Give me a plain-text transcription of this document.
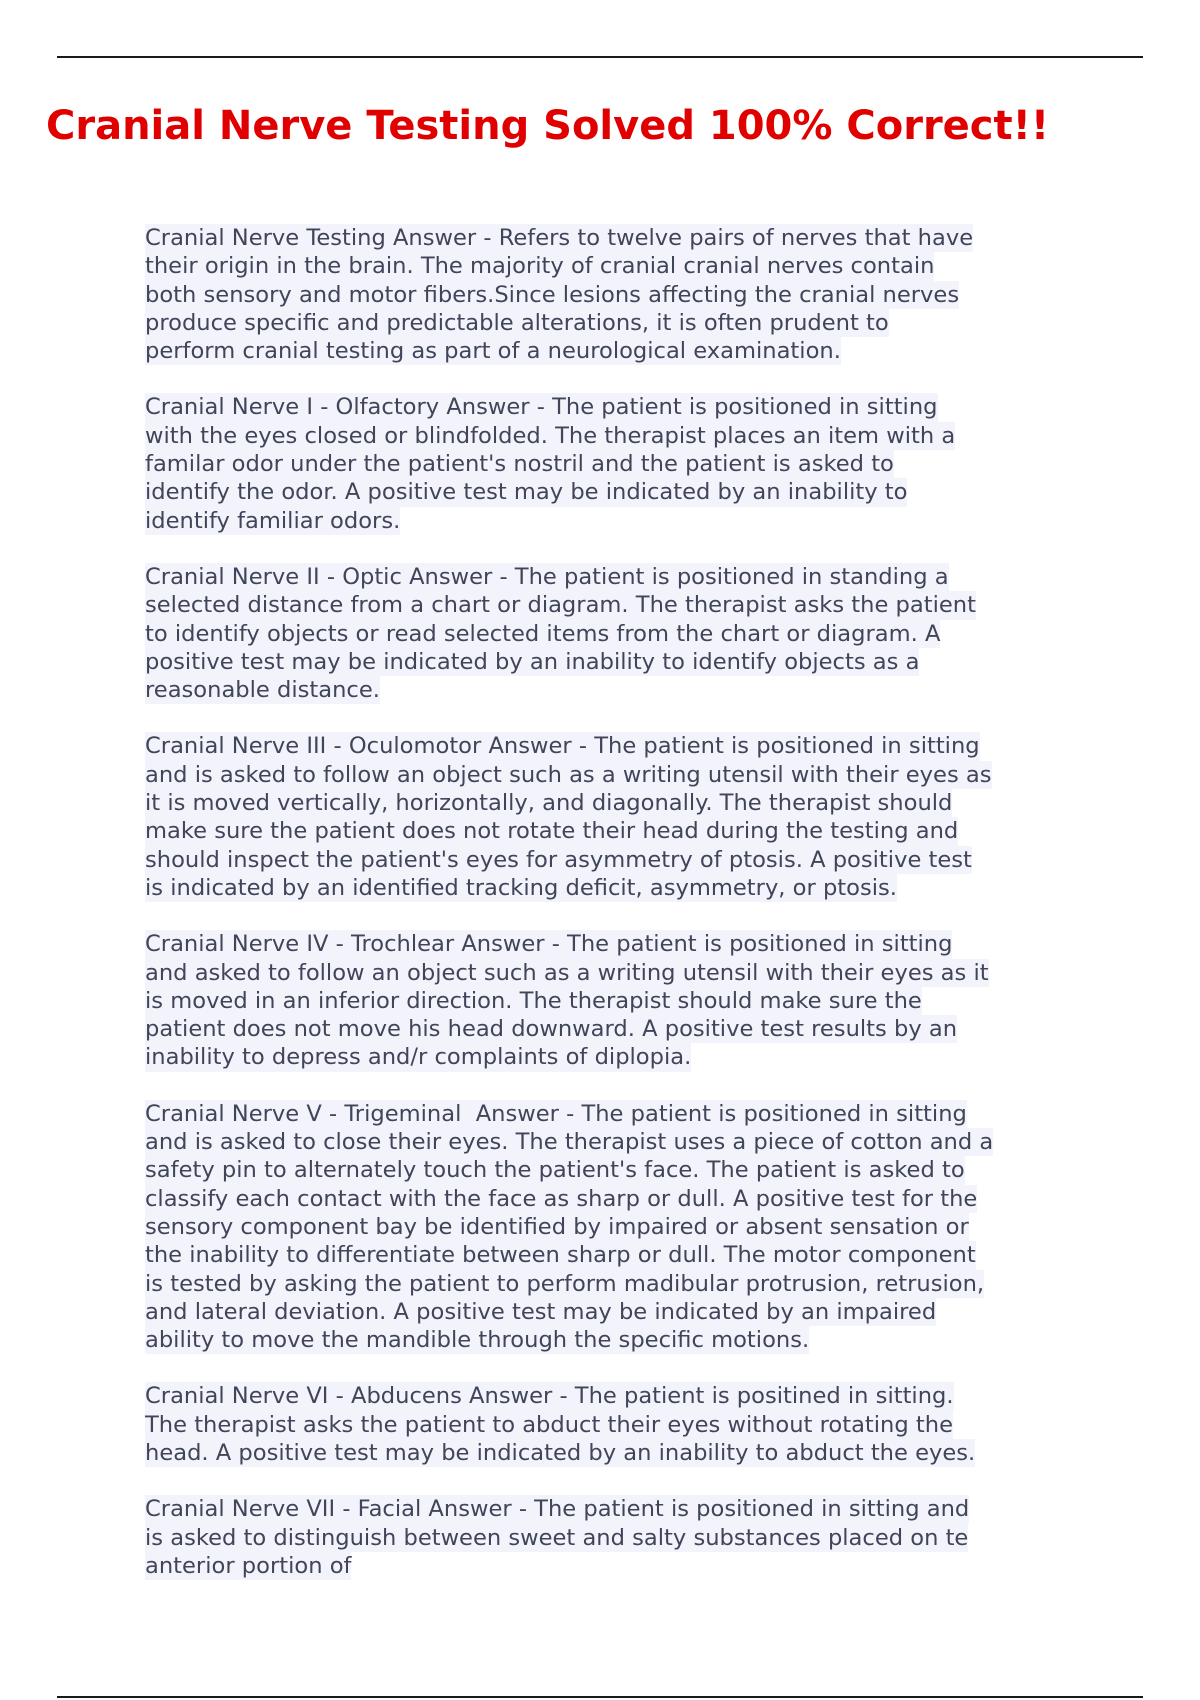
Cranial Nerve Testing Solved 100% Correct!!
Cranial Nerve Testing Answer - Refers to twelve pairs of nerves that have
their origin in the brain. The majority of cranial cranial nerves contain
both sensory and motor fibers.Since lesions affecting the cranial nerves
produce specific and predictable alterations, it is often prudent to
perform cranial testing as part of a neurological examination.
Cranial Nerve I - Olfactory Answer - The patient is positioned in sitting
with the eyes closed or blindfolded. The therapist places an item with a
familar odor under the patient's nostril and the patient is asked to
identify the odor. A positive test may be indicated by an inability to
identify familiar odors.
Cranial Nerve II - Optic Answer - The patient is positioned in standing a
selected distance from a chart or diagram. The therapist asks the patient
to identify objects or read selected items from the chart or diagram. A
positive test may be indicated by an inability to identify objects as a
reasonable distance.
Cranial Nerve III - Oculomotor Answer - The patient is positioned in sitting
and is asked to follow an object such as a writing utensil with their eyes as
it is moved vertically, horizontally, and diagonally. The therapist should
make sure the patient does not rotate their head during the testing and
should inspect the patient's eyes for asymmetry of ptosis. A positive test
is indicated by an identified tracking deficit, asymmetry, or ptosis.
Cranial Nerve IV - Trochlear Answer - The patient is positioned in sitting
and asked to follow an object such as a writing utensil with their eyes as it
is moved in an inferior direction. The therapist should make sure the
patient does not move his head downward. A positive test results by an
inability to depress and/r complaints of diplopia.
Cranial Nerve V - Trigeminal  Answer - The patient is positioned in sitting
and is asked to close their eyes. The therapist uses a piece of cotton and a
safety pin to alternately touch the patient's face. The patient is asked to
classify each contact with the face as sharp or dull. A positive test for the
sensory component bay be identified by impaired or absent sensation or
the inability to differentiate between sharp or dull. The motor component
is tested by asking the patient to perform madibular protrusion, retrusion,
and lateral deviation. A positive test may be indicated by an impaired
ability to move the mandible through the specific motions.
Cranial Nerve VI - Abducens Answer - The patient is positined in sitting.
The therapist asks the patient to abduct their eyes without rotating the
head. A positive test may be indicated by an inability to abduct the eyes.
Cranial Nerve VII - Facial Answer - The patient is positioned in sitting and
is asked to distinguish between sweet and salty substances placed on te
anterior portion of
